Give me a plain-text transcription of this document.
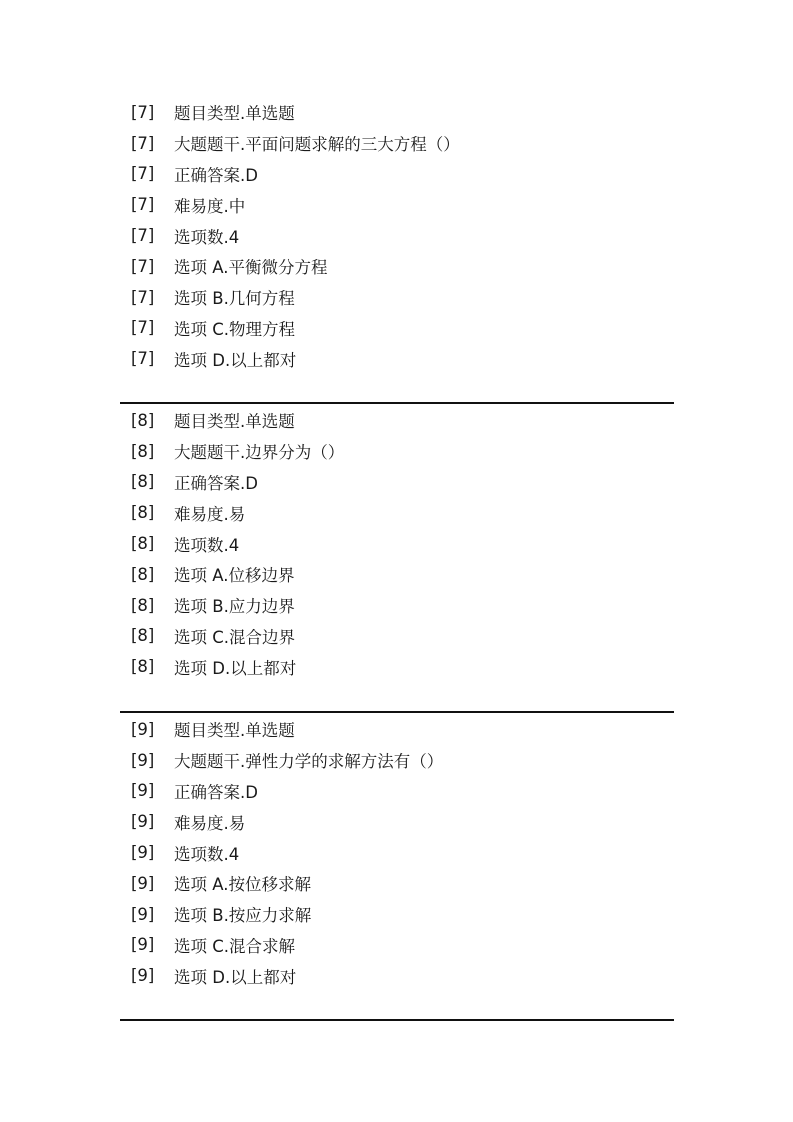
[7]	题目类型.单选题
[7]	大题题干.平面问题求解的三大方程（）
[7]	正确答案.D
[7]	难易度.中
[7]	选项数.4
[7]	选项 A.平衡微分方程
[7]	选项 B.几何方程
[7]	选项 C.物理方程
[7]	选项 D.以上都对
[8]	题目类型.单选题
[8]	大题题干.边界分为（）
[8]	正确答案.D
[8]	难易度.易
[8]	选项数.4
[8]	选项 A.位移边界
[8]	选项 B.应力边界
[8]	选项 C.混合边界
[8]	选项 D.以上都对
[9]	题目类型.单选题
[9]	大题题干.弹性力学的求解方法有（）
[9]	正确答案.D
[9]	难易度.易
[9]	选项数.4
[9]	选项 A.按位移求解
[9]	选项 B.按应力求解
[9]	选项 C.混合求解
[9]	选项 D.以上都对
